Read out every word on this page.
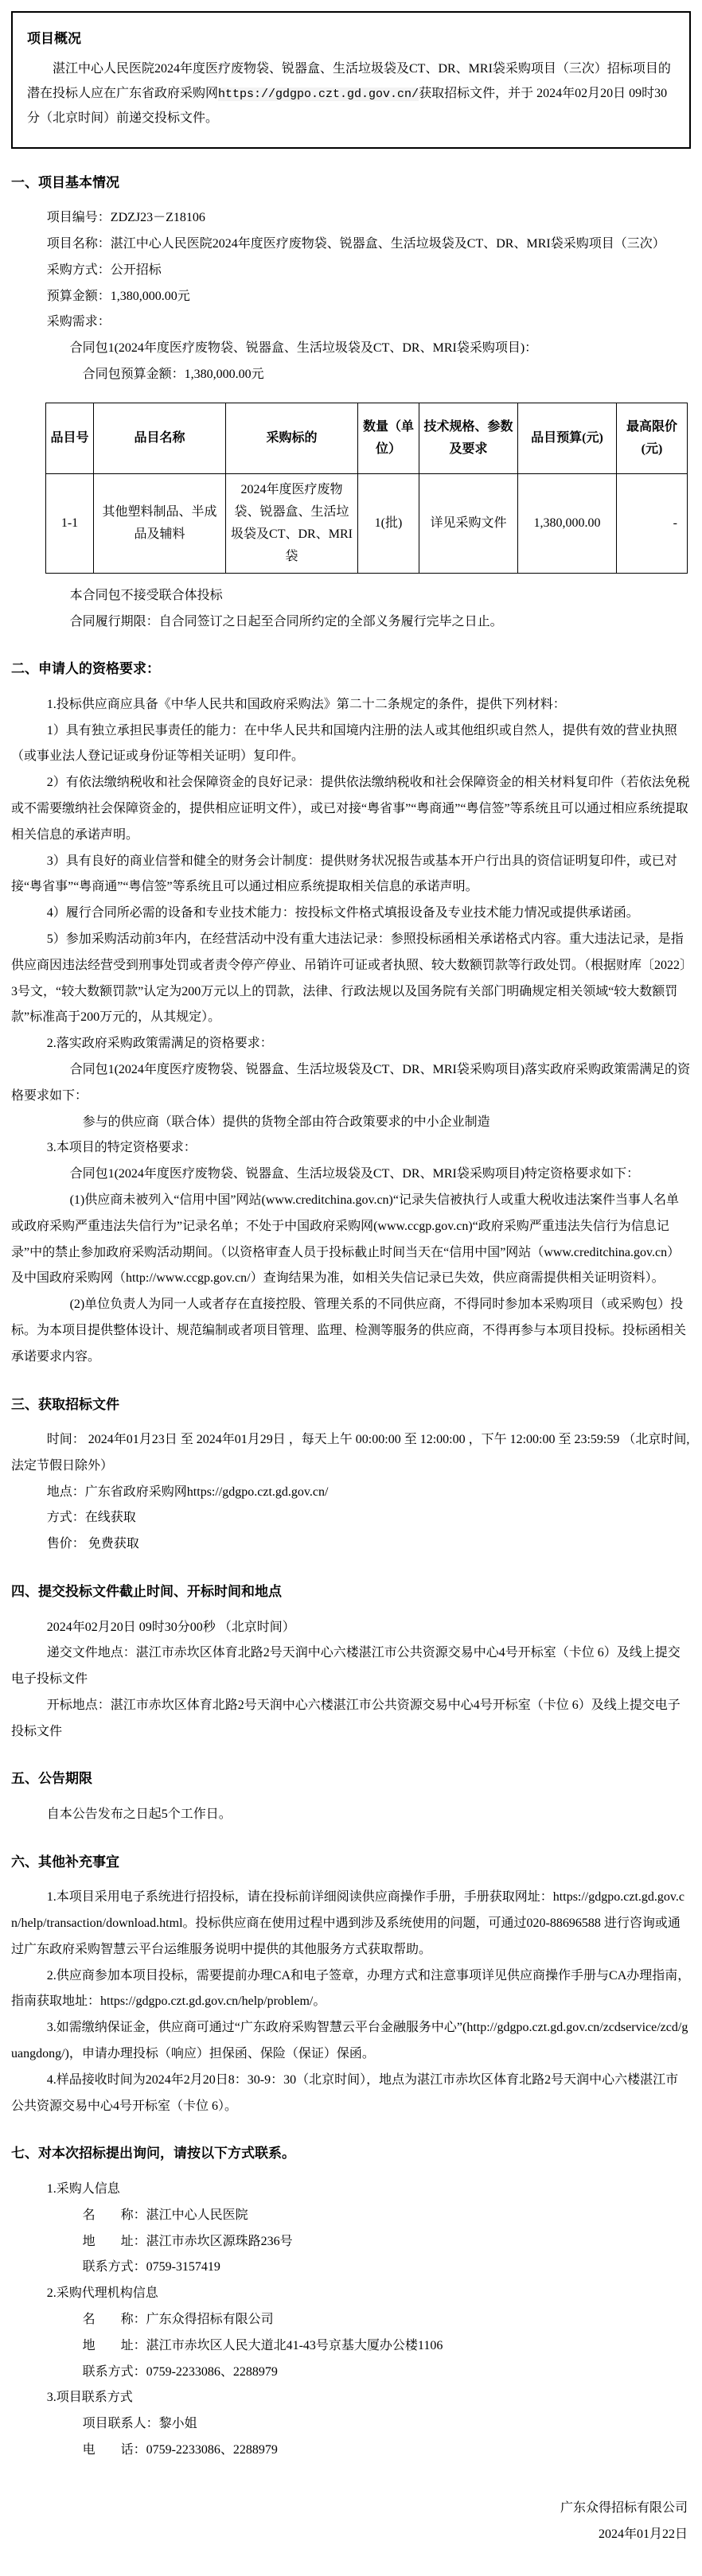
项目概况

湛江中心人民医院2024年度医疗废物袋、锐器盒、生活垃圾袋及CT、DR、MRI袋采购项目（三次）招标项目的潜在投标人应在广东省政府采购网https://gdgpo.czt.gd.gov.cn/获取招标文件，并于 2024年02月20日 09时30分（北京时间）前递交投标文件。

一、项目基本情况

项目编号：ZDZJ23－Z18106

项目名称：湛江中心人民医院2024年度医疗废物袋、锐器盒、生活垃圾袋及CT、DR、MRI袋采购项目（三次）

采购方式：公开招标

预算金额：1,380,000.00元

采购需求：

合同包1(2024年度医疗废物袋、锐器盒、生活垃圾袋及CT、DR、MRI袋采购项目)：

合同包预算金额：1,380,000.00元

品目号	品目名称	采购标的	数量（单位）	技术规格、参数及要求	品目预算(元)	最高限价(元)
1-1	其他塑料制品、半成品及辅料	2024年度医疗废物袋、锐器盒、生活垃圾袋及CT、DR、MRI袋	1(批)	详见采购文件	1,380,000.00	-

本合同包不接受联合体投标

合同履行期限：自合同签订之日起至合同所约定的全部义务履行完毕之日止。

二、申请人的资格要求：

1.投标供应商应具备《中华人民共和国政府采购法》第二十二条规定的条件，提供下列材料：

1）具有独立承担民事责任的能力：在中华人民共和国境内注册的法人或其他组织或自然人，提供有效的营业执照（或事业法人登记证或身份证等相关证明）复印件。

2）有依法缴纳税收和社会保障资金的良好记录：提供依法缴纳税收和社会保障资金的相关材料复印件（若依法免税或不需要缴纳社会保障资金的，提供相应证明文件），或已对接“粤省事”“粤商通”“粤信签”等系统且可以通过相应系统提取相关信息的承诺声明。

3）具有良好的商业信誉和健全的财务会计制度：提供财务状况报告或基本开户行出具的资信证明复印件，或已对接“粤省事”“粤商通”“粤信签”等系统且可以通过相应系统提取相关信息的承诺声明。

4）履行合同所必需的设备和专业技术能力：按投标文件格式填报设备及专业技术能力情况或提供承诺函。

5）参加采购活动前3年内，在经营活动中没有重大违法记录：参照投标函相关承诺格式内容。重大违法记录，是指供应商因违法经营受到刑事处罚或者责令停产停业、吊销许可证或者执照、较大数额罚款等行政处罚。（根据财库〔2022〕3号文，“较大数额罚款”认定为200万元以上的罚款，法律、行政法规以及国务院有关部门明确规定相关领域“较大数额罚款”标准高于200万元的，从其规定）。

2.落实政府采购政策需满足的资格要求：

合同包1(2024年度医疗废物袋、锐器盒、生活垃圾袋及CT、DR、MRI袋采购项目)落实政府采购政策需满足的资格要求如下：

参与的供应商（联合体）提供的货物全部由符合政策要求的中小企业制造

3.本项目的特定资格要求：

合同包1(2024年度医疗废物袋、锐器盒、生活垃圾袋及CT、DR、MRI袋采购项目)特定资格要求如下：

(1)供应商未被列入“信用中国”网站(www.creditchina.gov.cn)“记录失信被执行人或重大税收违法案件当事人名单或政府采购严重违法失信行为”记录名单；不处于中国政府采购网(www.ccgp.gov.cn)“政府采购严重违法失信行为信息记录”中的禁止参加政府采购活动期间。（以资格审查人员于投标截止时间当天在“信用中国”网站（www.creditchina.gov.cn）及中国政府采购网（http://www.ccgp.gov.cn/）查询结果为准，如相关失信记录已失效，供应商需提供相关证明资料）。

(2)单位负责人为同一人或者存在直接控股、管理关系的不同供应商，不得同时参加本采购项目（或采购包）投标。为本项目提供整体设计、规范编制或者项目管理、监理、检测等服务的供应商，不得再参与本项目投标。投标函相关承诺要求内容。

三、获取招标文件

时间： 2024年01月23日 至 2024年01月29日 ，每天上午 00:00:00 至 12:00:00 ，下午 12:00:00 至 23:59:59 （北京时间,法定节假日除外）

地点：广东省政府采购网https://gdgpo.czt.gd.gov.cn/

方式：在线获取

售价： 免费获取

四、提交投标文件截止时间、开标时间和地点

2024年02月20日 09时30分00秒 （北京时间）

递交文件地点：湛江市赤坎区体育北路2号天润中心六楼湛江市公共资源交易中心4号开标室（卡位 6）及线上提交电子投标文件

开标地点：湛江市赤坎区体育北路2号天润中心六楼湛江市公共资源交易中心4号开标室（卡位 6）及线上提交电子投标文件

五、公告期限

自本公告发布之日起5个工作日。

六、其他补充事宜

1.本项目采用电子系统进行招投标，请在投标前详细阅读供应商操作手册，手册获取网址：https://gdgpo.czt.gd.gov.cn/help/transaction/download.html。投标供应商在使用过程中遇到涉及系统使用的问题，可通过020-88696588 进行咨询或通过广东政府采购智慧云平台运维服务说明中提供的其他服务方式获取帮助。

2.供应商参加本项目投标，需要提前办理CA和电子签章，办理方式和注意事项详见供应商操作手册与CA办理指南，指南获取地址：https://gdgpo.czt.gd.gov.cn/help/problem/。

3.如需缴纳保证金，供应商可通过“广东政府采购智慧云平台金融服务中心”(http://gdgpo.czt.gd.gov.cn/zcdservice/zcd/guangdong/)，申请办理投标（响应）担保函、保险（保证）保函。

4.样品接收时间为2024年2月20日8：30-9：30（北京时间），地点为湛江市赤坎区体育北路2号天润中心六楼湛江市公共资源交易中心4号开标室（卡位 6）。

七、对本次招标提出询问，请按以下方式联系。

1.采购人信息

名　　称：湛江中心人民医院

地　　址：湛江市赤坎区源珠路236号

联系方式：0759-3157419

2.采购代理机构信息

名　　称：广东众得招标有限公司

地　　址：湛江市赤坎区人民大道北41-43号京基大厦办公楼1106

联系方式：0759-2233086、2288979

3.项目联系方式

项目联系人：黎小姐

电　　话：0759-2233086、2288979

广东众得招标有限公司

2024年01月22日
